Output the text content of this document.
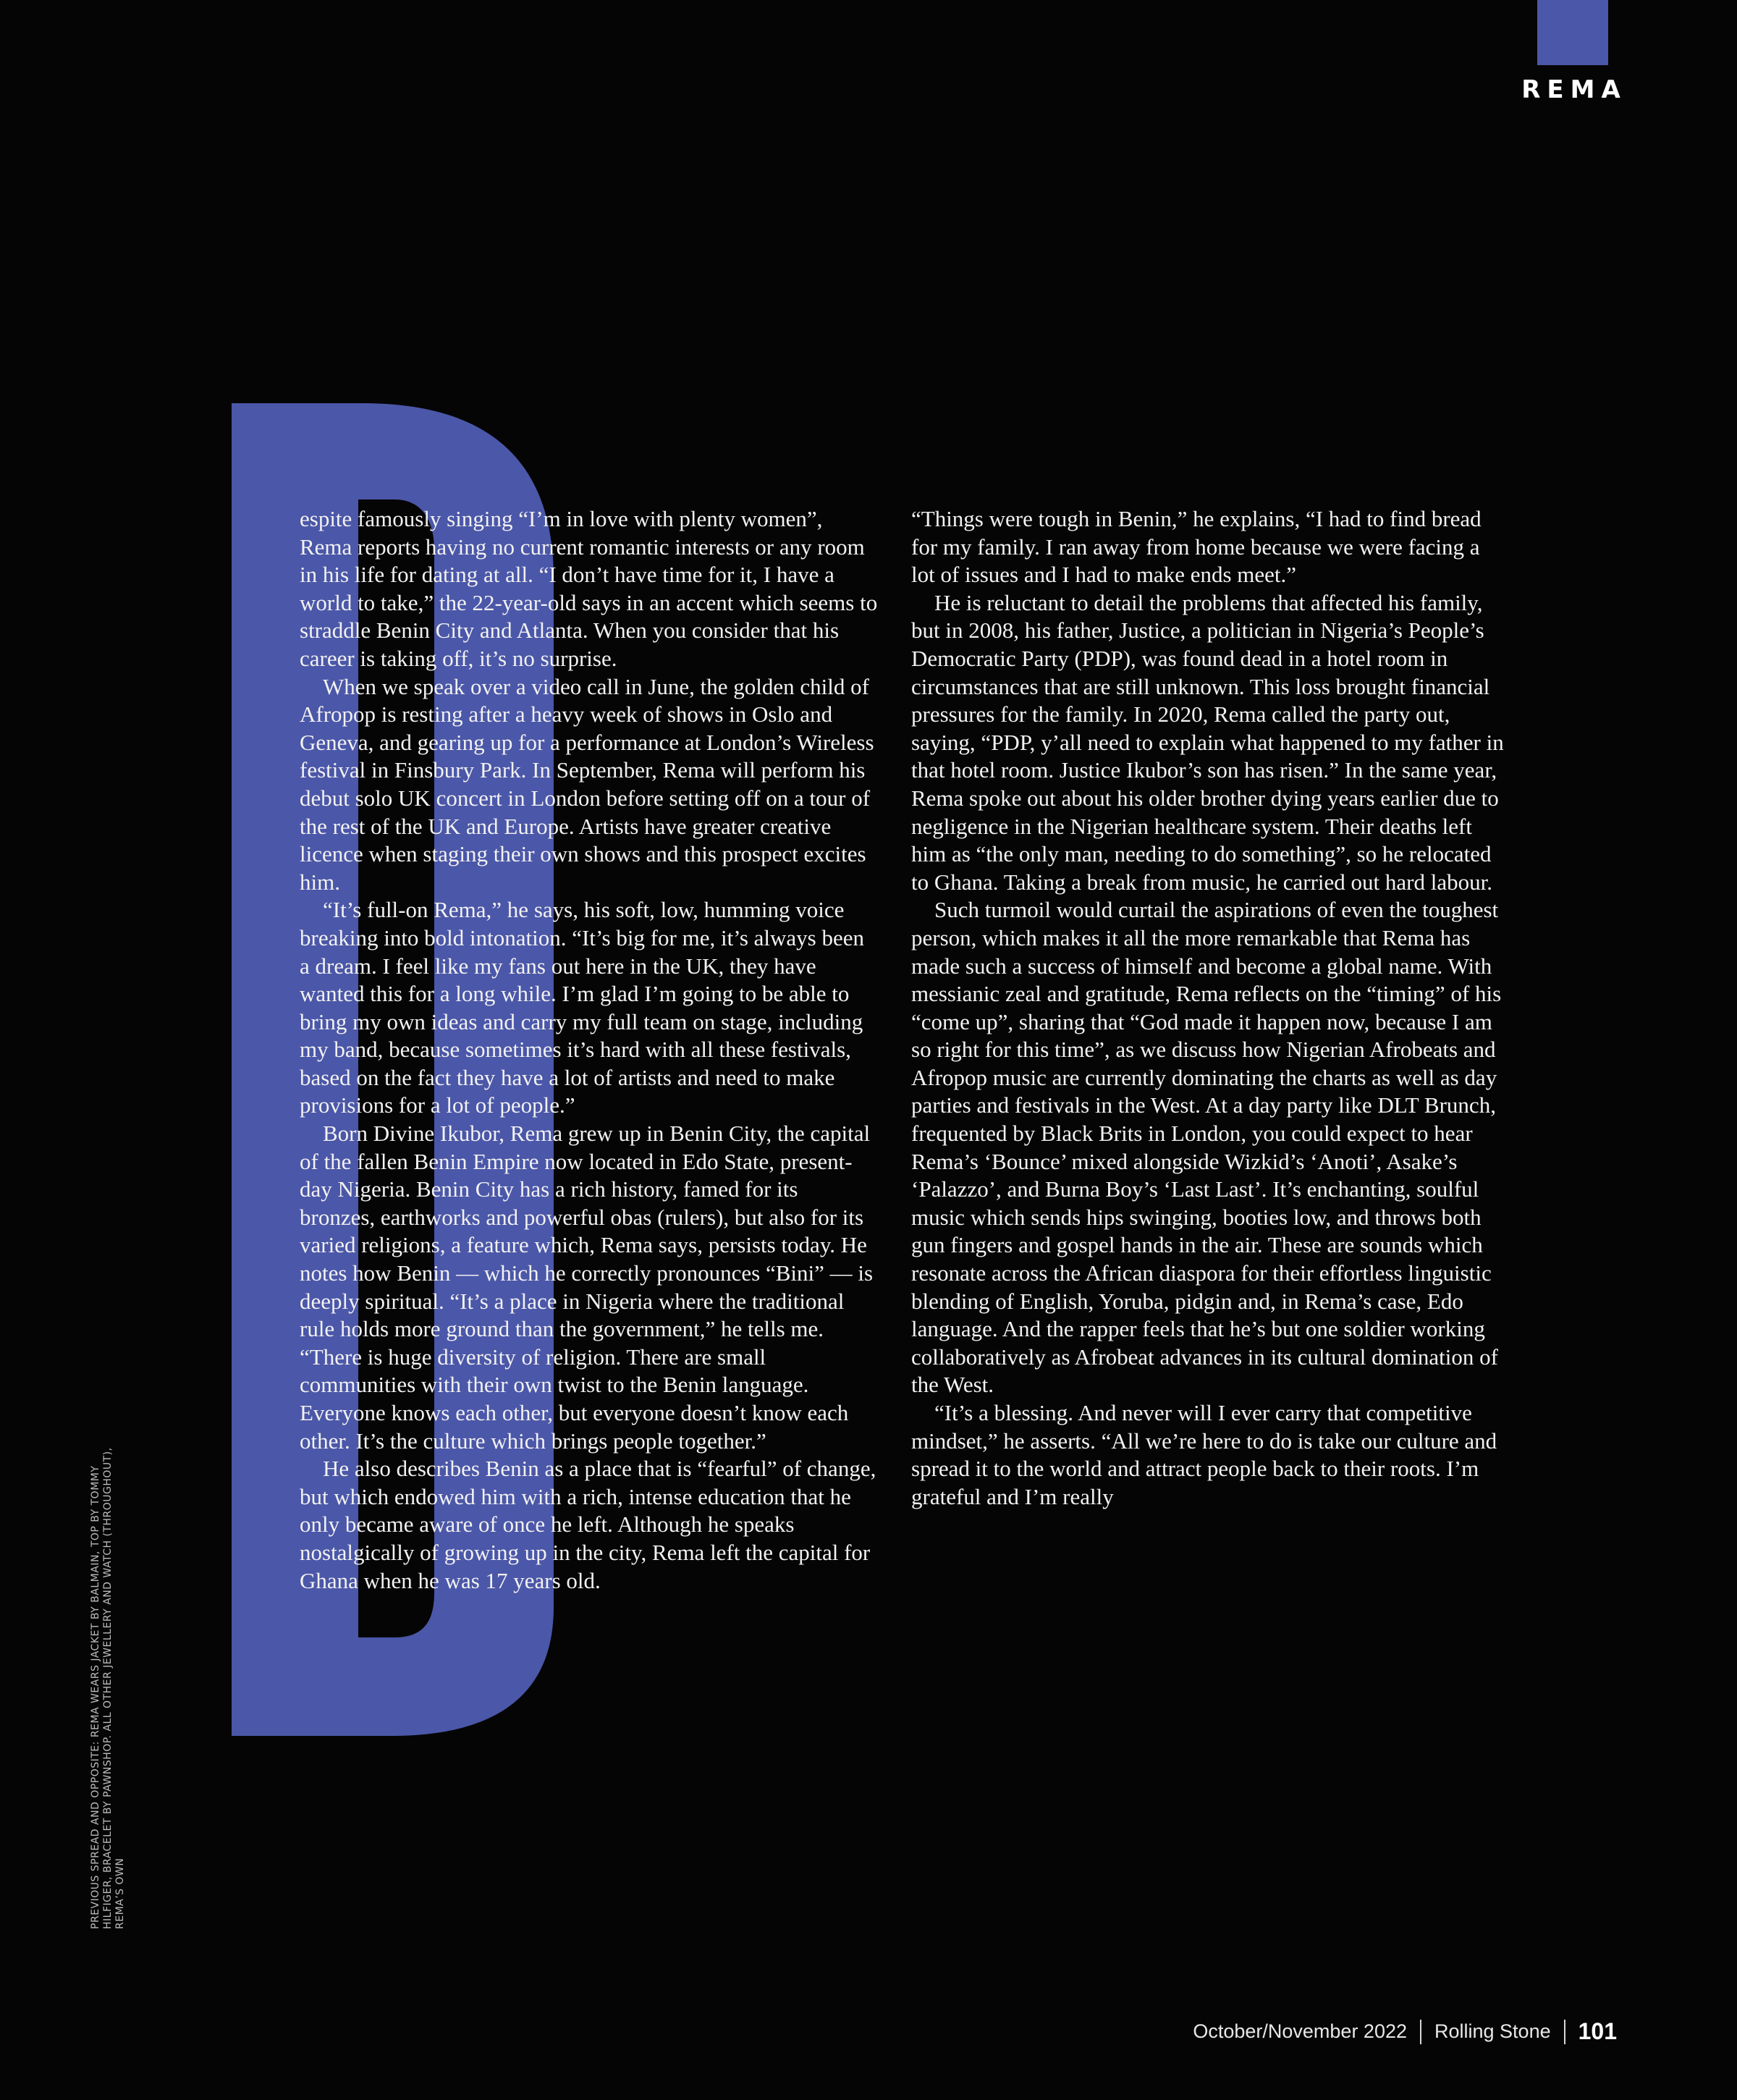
REMA

espite famously singing “I’m in love with plenty women”, Rema reports having no current romantic interests or any room in his life for dating at all. “I don’t have time for it, I have a world to take,” the 22-year-old says in an accent which seems to straddle Benin City and Atlanta. When you consider that his career is taking off, it’s no surprise.

When we speak over a video call in June, the golden child of Afropop is resting after a heavy week of shows in Oslo and Geneva, and gearing up for a performance at London’s Wireless festival in Finsbury Park. In September, Rema will perform his debut solo UK concert in London before setting off on a tour of the rest of the UK and Europe. Artists have greater creative licence when staging their own shows and this prospect excites him.

“It’s full-on Rema,” he says, his soft, low, humming voice breaking into bold intonation. “It’s big for me, it’s always been a dream. I feel like my fans out here in the UK, they have wanted this for a long while. I’m glad I’m going to be able to bring my own ideas and carry my full team on stage, including my band, because sometimes it’s hard with all these festivals, based on the fact they have a lot of artists and need to make provisions for a lot of people.”

Born Divine Ikubor, Rema grew up in Benin City, the capital of the fallen Benin Empire now located in Edo State, present-day Nigeria. Benin City has a rich history, famed for its bronzes, earthworks and powerful obas (rulers), but also for its varied religions, a feature which, Rema says, persists today. He notes how Benin — which he correctly pronounces “Bini” — is deeply spiritual. “It’s a place in Nigeria where the traditional rule holds more ground than the government,” he tells me. “There is huge diversity of religion. There are small communities with their own twist to the Benin language. Everyone knows each other, but everyone doesn’t know each other. It’s the culture which brings people together.”

He also describes Benin as a place that is “fearful” of change, but which endowed him with a rich, intense education that he only became aware of once he left. Although he speaks nostalgically of growing up in the city, Rema left the capital for Ghana when he was 17 years old.

“Things were tough in Benin,” he explains, “I had to find bread for my family. I ran away from home because we were facing a lot of issues and I had to make ends meet.”

He is reluctant to detail the problems that affected his family, but in 2008, his father, Justice, a politician in Nigeria’s People’s Democratic Party (PDP), was found dead in a hotel room in circumstances that are still unknown. This loss brought financial pressures for the family. In 2020, Rema called the party out, saying, “PDP, y’all need to explain what happened to my father in that hotel room. Justice Ikubor’s son has risen.” In the same year, Rema spoke out about his older brother dying years earlier due to negligence in the Nigerian healthcare system. Their deaths left him as “the only man, needing to do something”, so he relocated to Ghana. Taking a break from music, he carried out hard labour.

Such turmoil would curtail the aspirations of even the toughest person, which makes it all the more remarkable that Rema has made such a success of himself and become a global name. With messianic zeal and gratitude, Rema reflects on the “timing” of his “come up”, sharing that “God made it happen now, because I am so right for this time”, as we discuss how Nigerian Afrobeats and Afropop music are currently dominating the charts as well as day parties and festivals in the West. At a day party like DLT Brunch, frequented by Black Brits in London, you could expect to hear Rema’s ‘Bounce’ mixed alongside Wizkid’s ‘Anoti’, Asake’s ‘Palazzo’, and Burna Boy’s ‘Last Last’. It’s enchanting, soulful music which sends hips swinging, booties low, and throws both gun fingers and gospel hands in the air. These are sounds which resonate across the African diaspora for their effortless linguistic blending of English, Yoruba, pidgin and, in Rema’s case, Edo language. And the rapper feels that he’s but one soldier working collaboratively as Afrobeat advances in its cultural domination of the West.

“It’s a blessing. And never will I ever carry that competitive mindset,” he asserts. “All we’re here to do is take our culture and spread it to the world and attract people back to their roots. I’m grateful and I’m really

PREVIOUS SPREAD AND OPPOSITE: REMA WEARS JACKET BY BALMAIN, TOP BY TOMMY HILFIGER, BRACELET BY PAWNSHOP. ALL OTHER JEWELLERY AND WATCH (THROUGHOUT), REMA’S OWN
October/November 2022 Rolling Stone 101
